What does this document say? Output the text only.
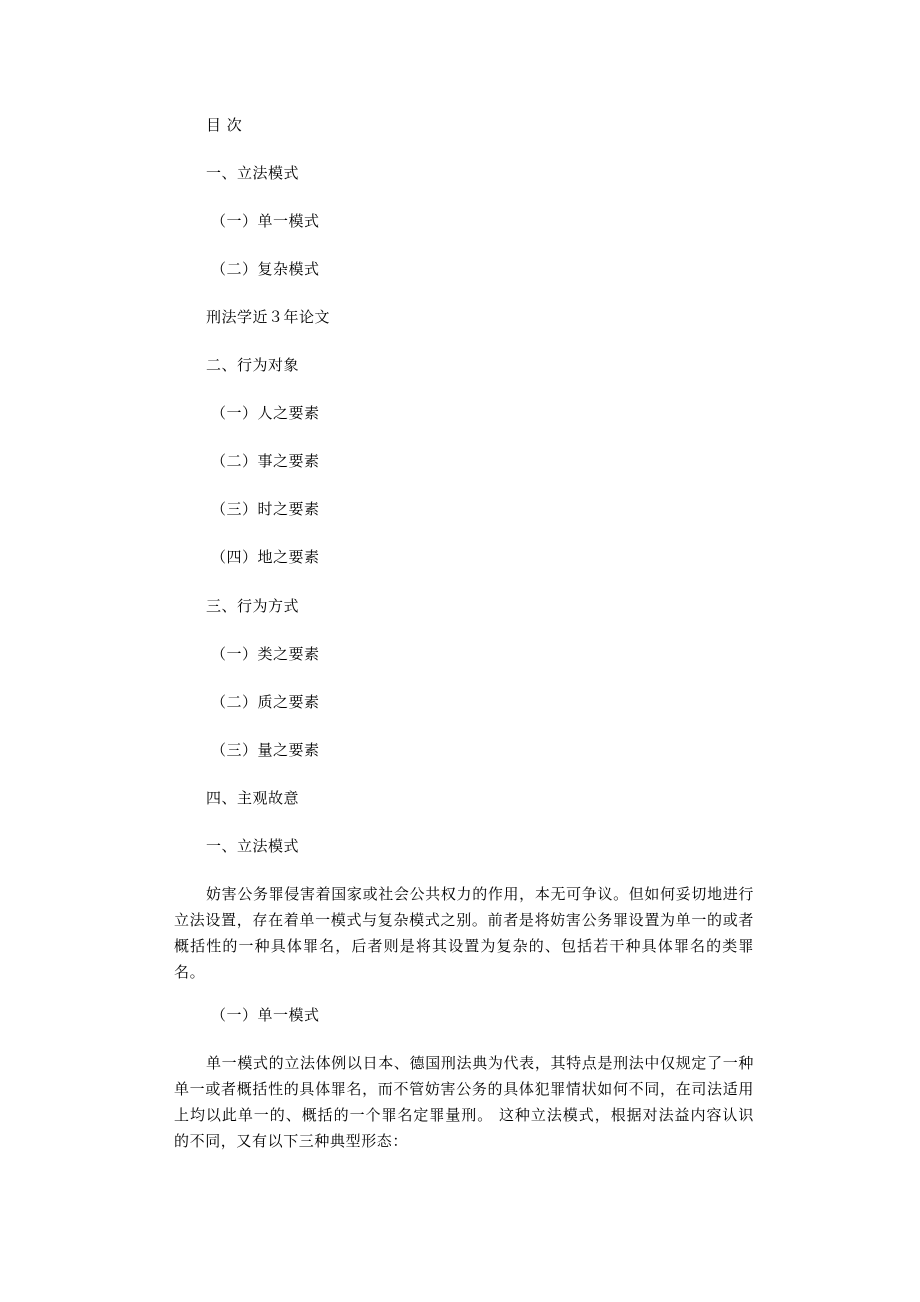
目 次
一、立法模式
（一）单一模式
（二）复杂模式
刑法学近３年论文
二、行为对象
（一）人之要素
（二）事之要素
（三）时之要素
（四）地之要素
三、行为方式
（一）类之要素
（二）质之要素
（三）量之要素
四、主观故意
一、立法模式
妨害公务罪侵害着国家或社会公共权力的作用，本无可争议。但如何妥切地进行立法设置，存在着单一模式与复杂模式之别。前者是将妨害公务罪设置为单一的或者概括性的一种具体罪名，后者则是将其设置为复杂的、包括若干种具体罪名的类罪名。
（一）单一模式
单一模式的立法体例以日本、德国刑法典为代表，其特点是刑法中仅规定了一种单一或者概括性的具体罪名，而不管妨害公务的具体犯罪情状如何不同，在司法适用上均以此单一的、概括的一个罪名定罪量刑。 这种立法模式，根据对法益内容认识的不同，又有以下三种典型形态：
